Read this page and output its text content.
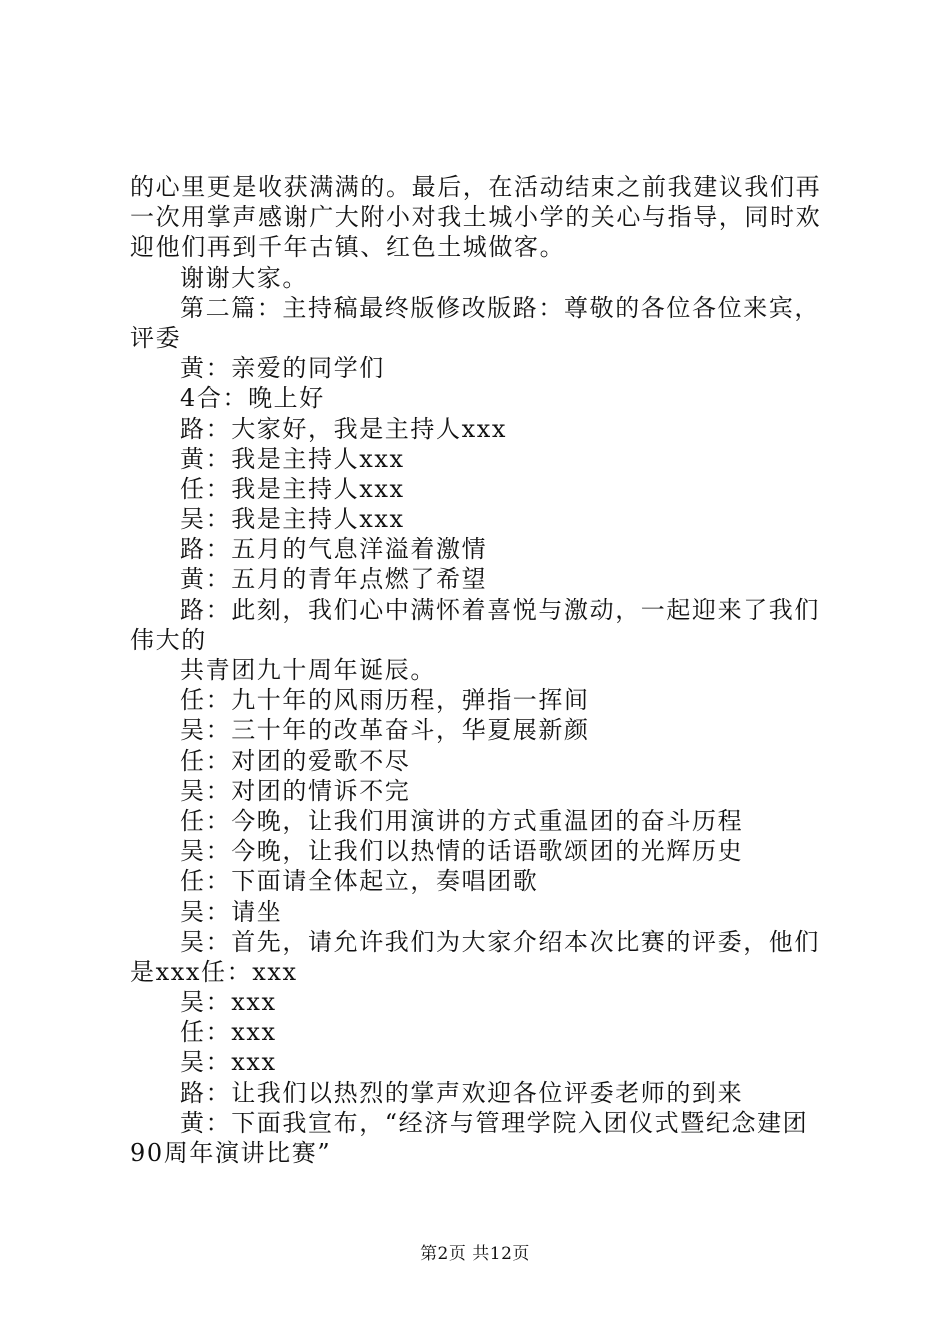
的心里更是收获满满的。最后，在活动结束之前我建议我们再
一次用掌声感谢广大附小对我土城小学的关心与指导，同时欢
迎他们再到千年古镇、红色土城做客。
谢谢大家。
第二篇：主持稿最终版修改版路：尊敬的各位各位来宾，
评委
黄：亲爱的同学们
4合：晚上好
路：大家好，我是主持人xxx
黄：我是主持人xxx
任：我是主持人xxx
吴：我是主持人xxx
路：五月的气息洋溢着激情
黄：五月的青年点燃了希望
路：此刻，我们心中满怀着喜悦与激动，一起迎来了我们
伟大的
共青团九十周年诞辰。
任：九十年的风雨历程，弹指一挥间
吴：三十年的改革奋斗，华夏展新颜
任：对团的爱歌不尽
吴：对团的情诉不完
任：今晚，让我们用演讲的方式重温团的奋斗历程
吴：今晚，让我们以热情的话语歌颂团的光辉历史
任：下面请全体起立，奏唱团歌
吴：请坐
吴：首先，请允许我们为大家介绍本次比赛的评委，他们
是xxx任：xxx
吴：xxx
任：xxx
吴：xxx
路：让我们以热烈的掌声欢迎各位评委老师的到来
黄：下面我宣布，“经济与管理学院入团仪式暨纪念建团
90周年演讲比赛”
第2页 共12页
